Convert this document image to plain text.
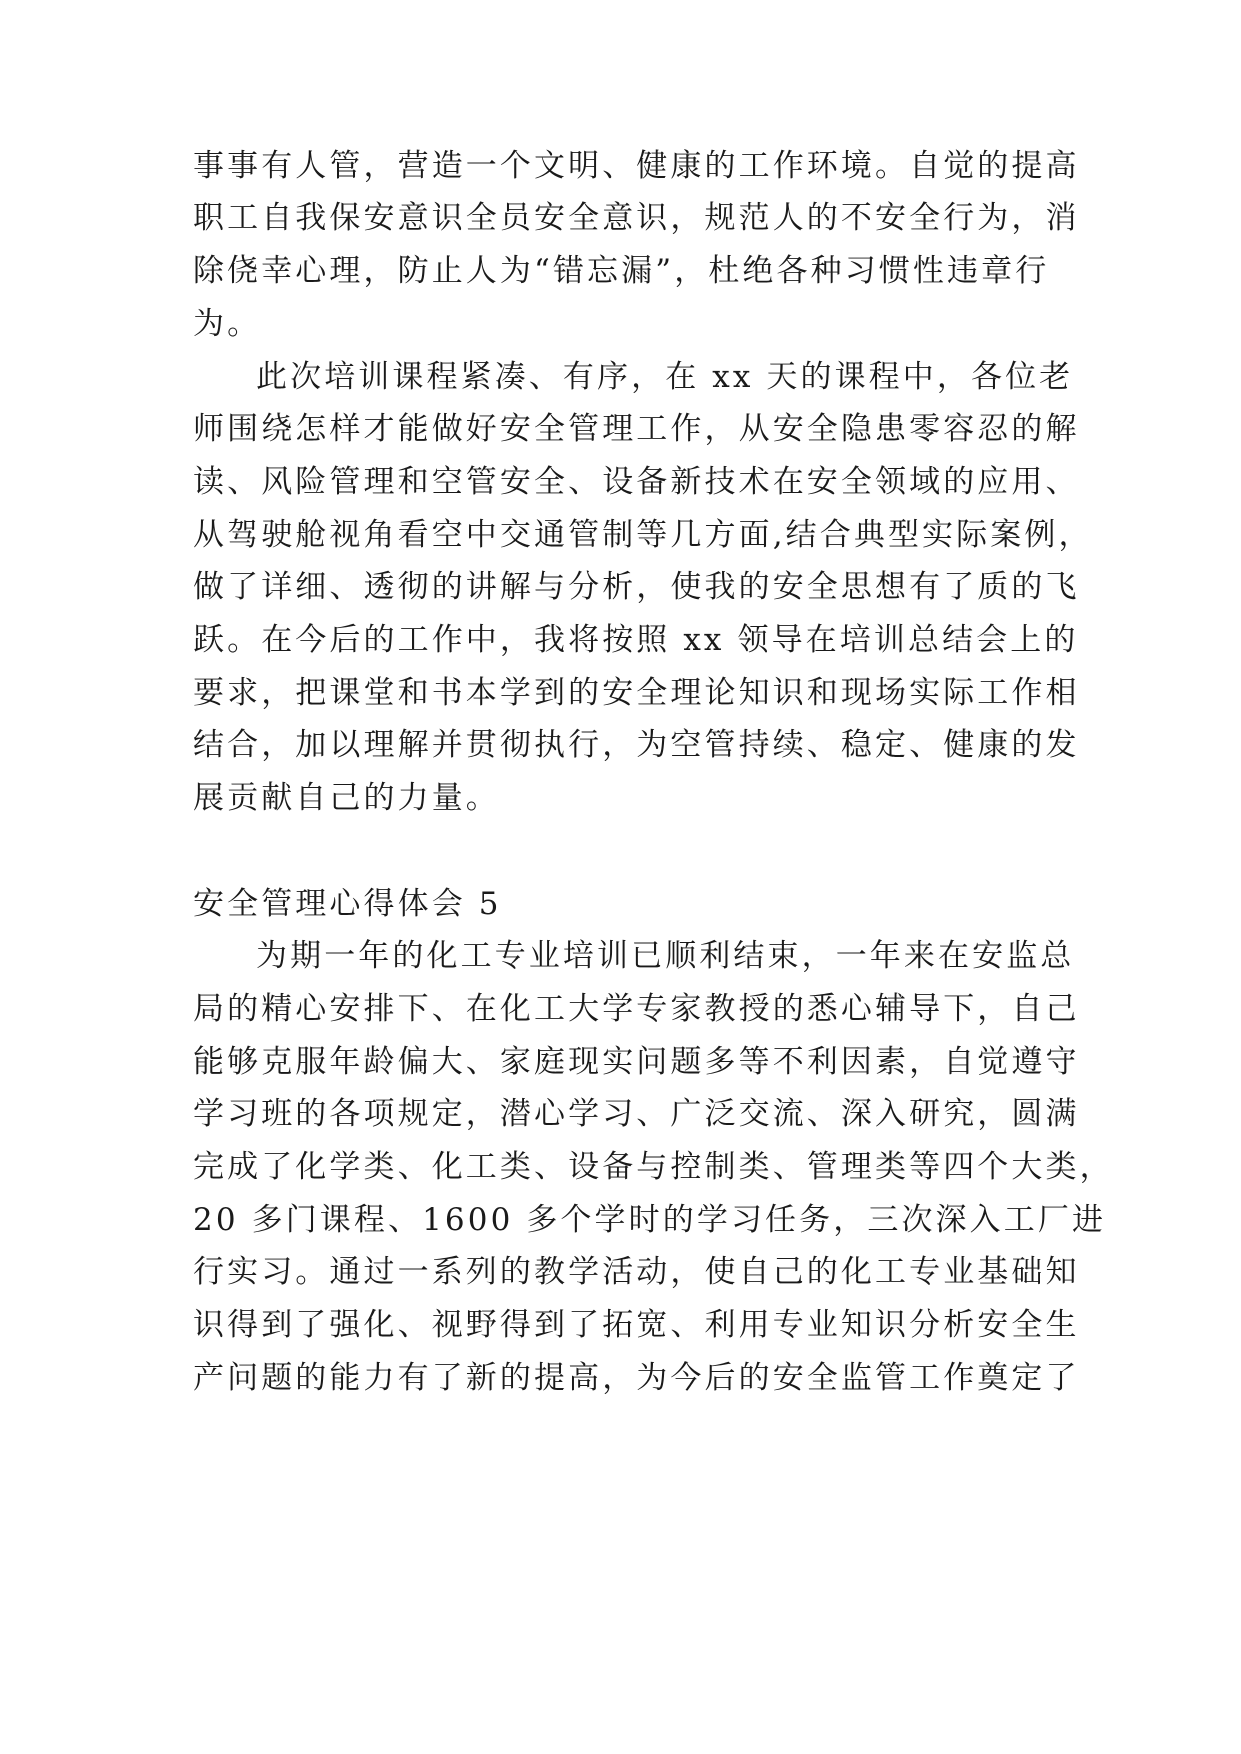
事事有人管，营造一个文明、健康的工作环境。自觉的提高
职工自我保安意识全员安全意识，规范人的不安全行为，消
除侥幸心理，防止人为“错忘漏”，杜绝各种习惯性违章行
为。
此次培训课程紧凑、有序，在 xx 天的课程中，各位老
师围绕怎样才能做好安全管理工作，从安全隐患零容忍的解
读、风险管理和空管安全、设备新技术在安全领域的应用、
从驾驶舱视角看空中交通管制等几方面,结合典型实际案例，
做了详细、透彻的讲解与分析，使我的安全思想有了质的飞
跃。在今后的工作中，我将按照 xx 领导在培训总结会上的
要求，把课堂和书本学到的安全理论知识和现场实际工作相
结合，加以理解并贯彻执行，为空管持续、稳定、健康的发
展贡献自己的力量。
安全管理心得体会 5
为期一年的化工专业培训已顺利结束，一年来在安监总
局的精心安排下、在化工大学专家教授的悉心辅导下，自己
能够克服年龄偏大、家庭现实问题多等不利因素，自觉遵守
学习班的各项规定，潜心学习、广泛交流、深入研究，圆满
完成了化学类、化工类、设备与控制类、管理类等四个大类，
20 多门课程、1600 多个学时的学习任务，三次深入工厂进
行实习。通过一系列的教学活动，使自己的化工专业基础知
识得到了强化、视野得到了拓宽、利用专业知识分析安全生
产问题的能力有了新的提高，为今后的安全监管工作奠定了
